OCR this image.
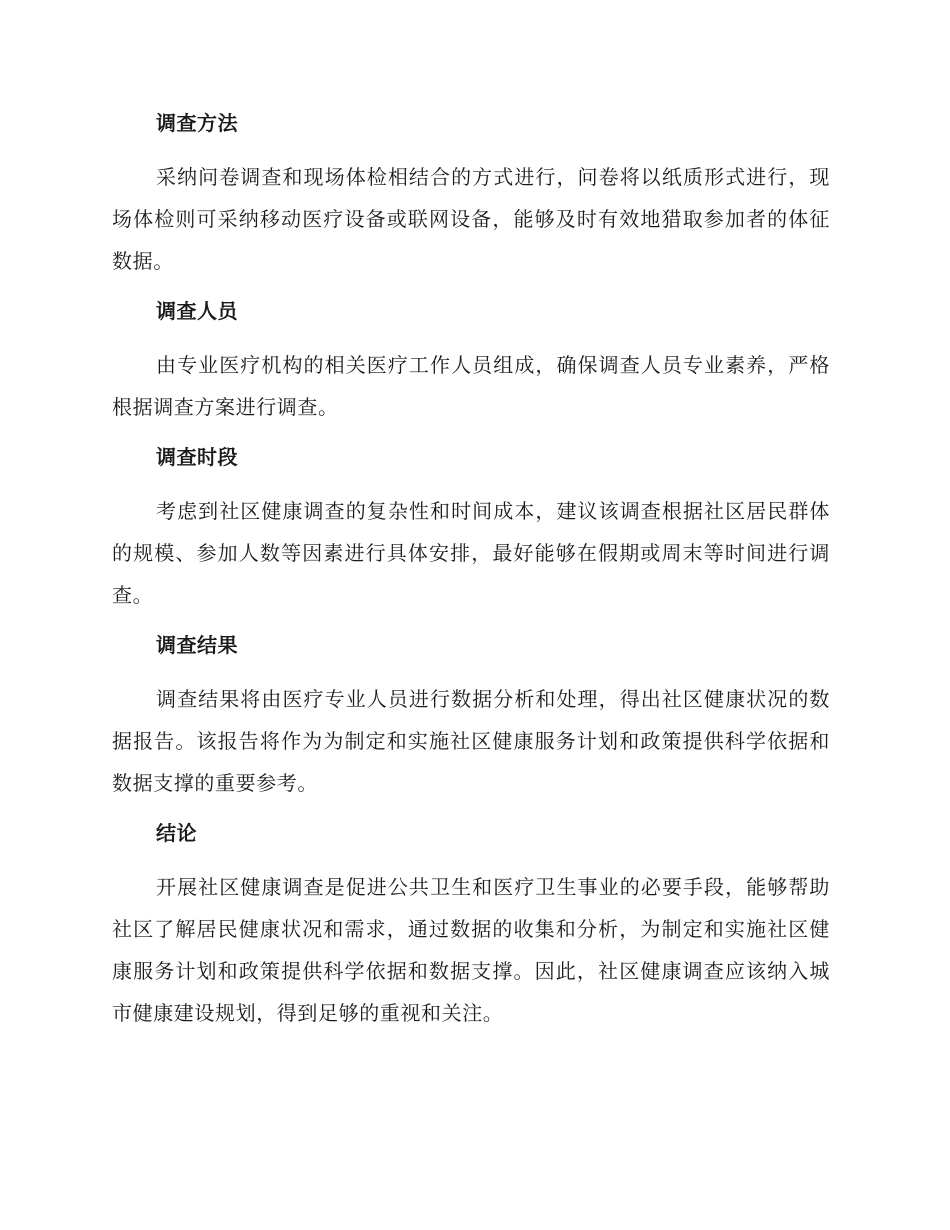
调查方法

采纳问卷调查和现场体检相结合的方式进行，问卷将以纸质形式进行，现场体检则可采纳移动医疗设备或联网设备，能够及时有效地猎取参加者的体征数据。

调查人员

由专业医疗机构的相关医疗工作人员组成，确保调查人员专业素养，严格根据调查方案进行调查。

调查时段

考虑到社区健康调查的复杂性和时间成本，建议该调查根据社区居民群体的规模、参加人数等因素进行具体安排，最好能够在假期或周末等时间进行调查。

调查结果

调查结果将由医疗专业人员进行数据分析和处理，得出社区健康状况的数据报告。该报告将作为为制定和实施社区健康服务计划和政策提供科学依据和数据支撑的重要参考。

结论

开展社区健康调查是促进公共卫生和医疗卫生事业的必要手段，能够帮助社区了解居民健康状况和需求，通过数据的收集和分析，为制定和实施社区健康服务计划和政策提供科学依据和数据支撑。因此，社区健康调查应该纳入城市健康建设规划，得到足够的重视和关注。
